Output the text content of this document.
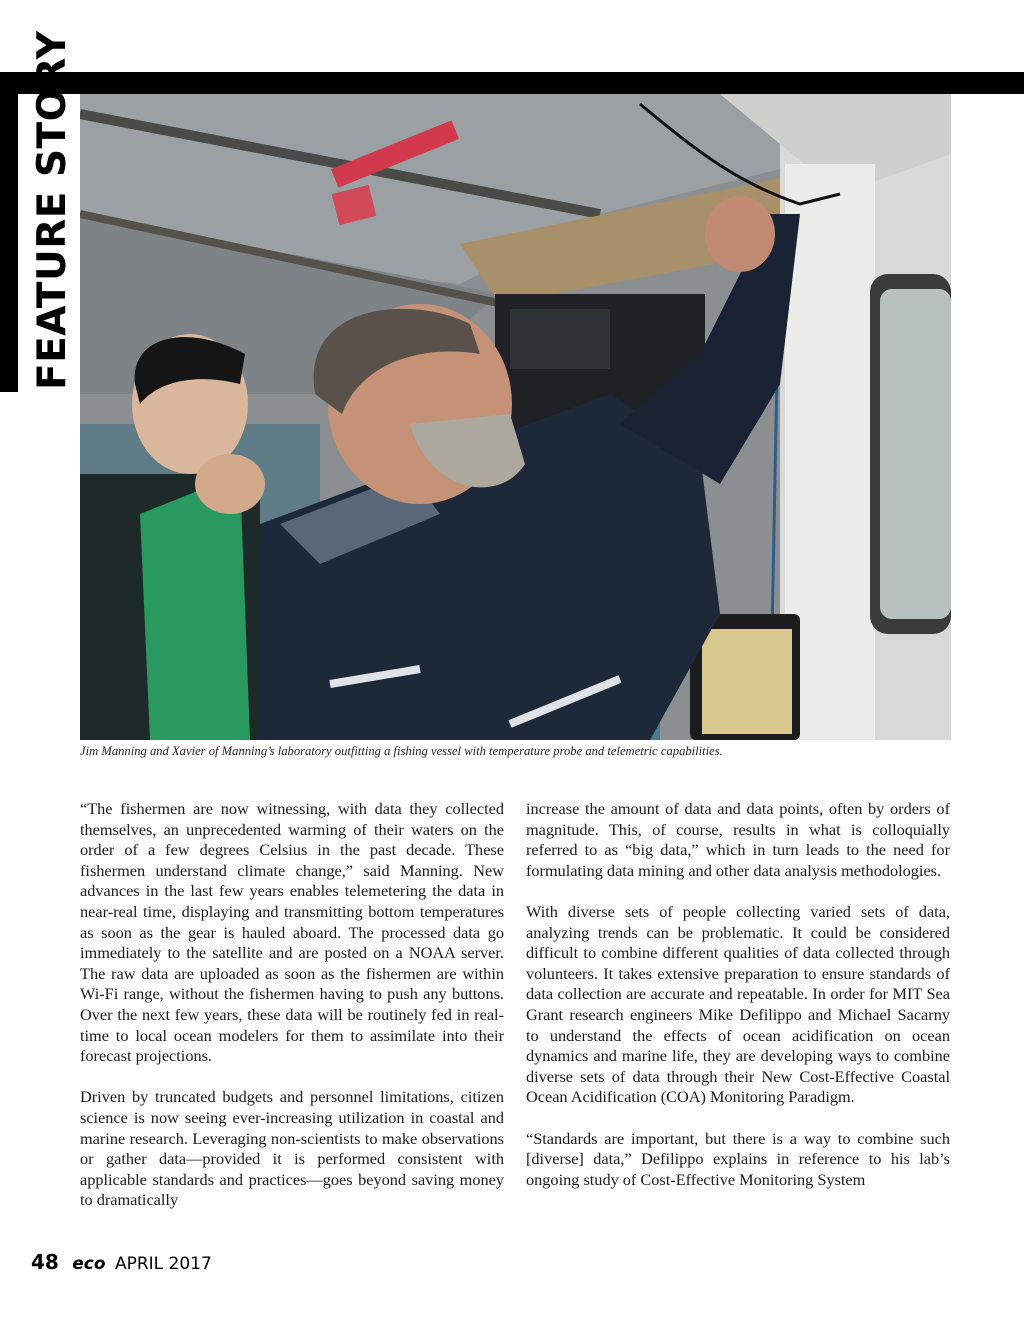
FEATURE STORY
Jim Manning and Xavier of Manning’s laboratory outfitting a fishing vessel with temperature probe and telemetric capabilities.

“The fishermen are now witnessing, with data they collected themselves, an unprecedented warming of their waters on the order of a few degrees Celsius in the past decade. These fishermen understand climate change,” said Manning. New advances in the last few years enables telemetering the data in near-real time, displaying and transmitting bottom temperatures as soon as the gear is hauled aboard. The processed data go immediately to the satellite and are posted on a NOAA server. The raw data are uploaded as soon as the fishermen are within Wi-Fi range, without the fishermen having to push any buttons. Over the next few years, these data will be routinely fed in real-time to local ocean modelers for them to assimilate into their forecast projections.

Driven by truncated budgets and personnel limitations, citizen science is now seeing ever-increasing utilization in coastal and marine research. Leveraging non-scientists to make observations or gather data—provided it is performed consistent with applicable standards and practices—goes beyond saving money to dramatically

increase the amount of data and data points, often by orders of magnitude. This, of course, results in what is colloquially referred to as “big data,” which in turn leads to the need for formulating data mining and other data analysis methodologies.

With diverse sets of people collecting varied sets of data, analyzing trends can be problematic. It could be considered difficult to combine different qualities of data collected through volunteers. It takes extensive preparation to ensure standards of data collection are accurate and repeatable. In order for MIT Sea Grant research engineers Mike Defilippo and Michael Sacarny to understand the effects of ocean acidification on ocean dynamics and marine life, they are developing ways to combine diverse sets of data through their New Cost-Effective Coastal Ocean Acidification (COA) Monitoring Paradigm.

“Standards are important, but there is a way to combine such [diverse] data,” Defilippo explains in reference to his lab’s ongoing study of Cost-Effective Monitoring System

48 eco APRIL 2017
